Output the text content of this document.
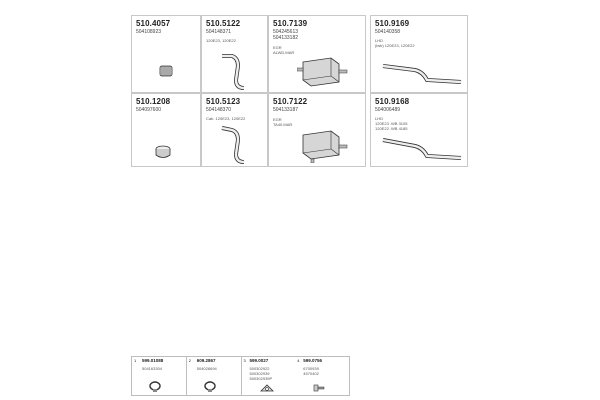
510.4057
504108923
510.5122
504148371
120E23, 120E22
510.7139
504245613
504133182
EGR
ALWD.MAR
510.9169
504140358
LHD
(lwb) 120E23, 120E22
510.1208
504097600
510.5123
504148370
Cab. 120E23, 120E22
510.7122
504133187
EGR
TA40.MAR
510.9168
504006489
LHD
120E23 .WB 3105
120E22 .WB 4185
1 599.01088
504163304
2 609.2867
504026694
3 599.0027
500302922
500302939
500302939P
4 599.0756
6700939
4570402
